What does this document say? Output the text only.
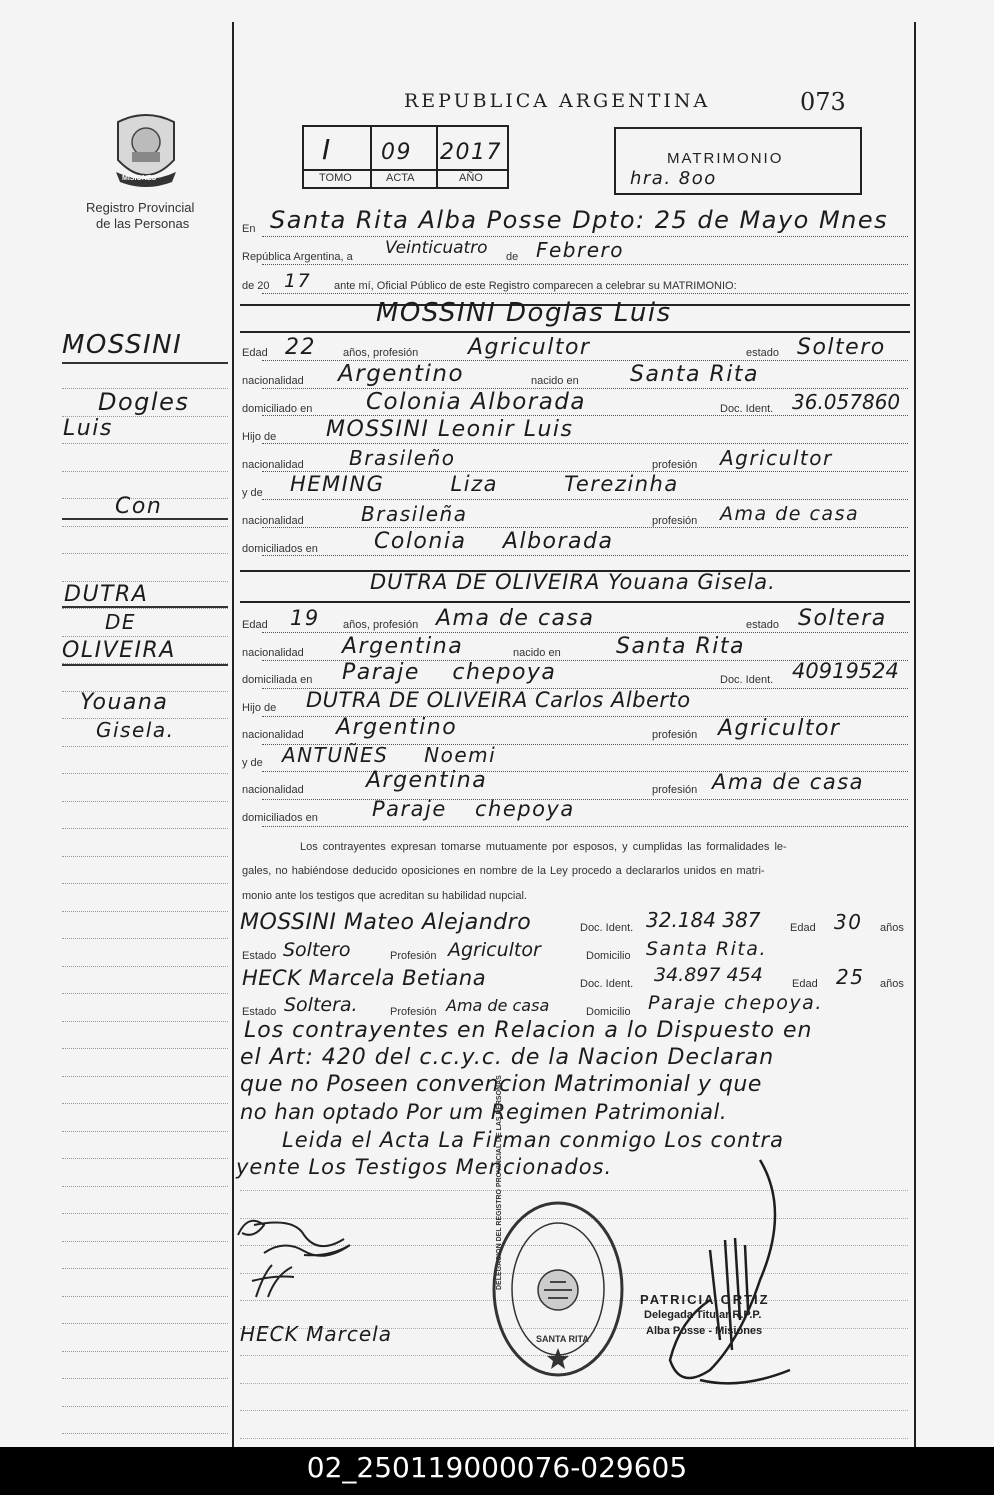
MISIONES
Registro Provincial
de las Personas
REPUBLICA ARGENTINA	073
I 09 2017
TOMO	ACTA	AÑO
MATRIMONIO
hra. 8oo
MOSSINI
Dogles
Luis
Con
DUTRA
DE
OLIVEIRA
Youana
Gisela.
En Santa Rita Alba Posse Dpto: 25 de Mayo Mnes
República Argentina, a Veinticuatro de Febrero
de 20 17 ante mí, Oficial Público de este Registro comparecen a celebrar su MATRIMONIO:
MOSSINI Doglas Luis
Edad 22 años, profesión Agricultor	estado Soltero
nacionalidad Argentino	nacido en Santa Rita
domiciliado en Colonia Alborada	Doc. Ident. 36.057860
Hijo de MOSSINI Leonir Luis
nacionalidad Brasileño	profesión Agricultor
y de HEMING Liza Terezinha
nacionalidad	Brasileña	profesión Ama de casa
domiciliados en	Colonia Alborada
DUTRA DE OLIVEIRA Youana Gisela.
Edad 19 años, profesión Ama de casa	estado Soltera
nacionalidad Argentina	nacido en	Santa Rita
domiciliada en Paraje chepoya	Doc. Ident. 40919524
Hijo de DUTRA DE OLIVEIRA Carlos Alberto
nacionalidad Argentino	profesión Agricultor
y de ANTUÑES Noemi
nacionalidad	Argentina	profesión Ama de casa
domiciliados en	Paraje chepoya
Los contrayentes expresan tomarse mutuamente por esposos, y cumplidas las formalidades le-
gales, no habiéndose deducido oposiciones en nombre de la Ley procedo a declararlos unidos en matri-
monio ante los testigos que acreditan su habilidad nupcial.
MOSSINI Mateo Alejandro	Doc. Ident. 32.184 387	Edad 30 años
Estado Soltero	Profesión Agricultor	Domicilio Santa Rita.
HECK Marcela Betiana	Doc. Ident. 34.897 454	Edad 25 años
Estado Soltera.	Profesión Ama de casa	Domicilio Paraje chepoya.
Los contrayentes en Relacion a lo Dispuesto en
el Art: 420 del c.c.y.c. de la Nacion Declaran
que no Poseen convencion Matrimonial y que
no han optado Por um Regimen Patrimonial.
Leida el Acta La Firman conmigo Los contra
yente Los Testigos Mencionados.
HECK Marcela
DELEGACION DEL REGISTRO PROVINCIAL DE LAS PERSONAS
SANTA RITA
PATRICIA ORTIZ
Delegada Titular R.P.P.
Alba Posse - Misiones
02_250119000076-029605
